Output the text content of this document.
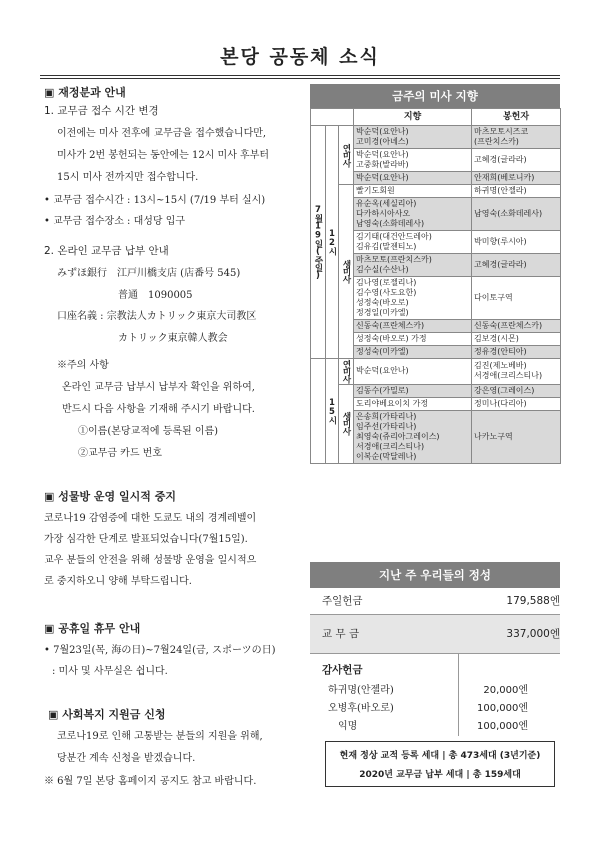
본당 공동체 소식
▣ 재정분과 안내
1. 교무금 접수 시간 변경
이전에는 미사 전후에 교무금을 접수했습니다만,
미사가 2번 봉헌되는 동안에는 12시 미사 후부터
15시 미사 전까지만 접수합니다.
• 교무금 접수시간 : 13시~15시 (7/19 부터 실시)
• 교무금 접수장소 : 대성당 입구
2. 온라인 교무금 납부 안내
みずほ銀行　江戸川橋支店 (店番号 545)
普通　1090005
口座名義 : 宗教法人カトリック東京大司教区
カトリック東京韓人教会
※주의 사항
온라인 교무금 납부시 납부자 확인을 위하여,
반드시 다음 사항을 기재해 주시기 바랍니다.
①이름(본당교적에 등록된 이름)
②교무금 카드 번호
▣ 성물방 운영 일시적 중지
코로나19 감염증에 대한 도쿄도 내의 경계레벨이
가장 심각한 단계로 발표되었습니다(7월15일).
교우 분들의 안전을 위해 성물방 운영을 일시적으
로 중지하오니 양해 부탁드립니다.
▣ 공휴일 휴무 안내
• 7월23일(목, 海の日)~7월24일(금, スポーツの日)
: 미사 및 사무실은 쉽니다.
▣ 사회복지 지원금 신청
코로나19로 인해 고통받는 분들의 지원을 위해,
당분간 계속 신청을 받겠습니다.
※ 6월 7일 본당 홈페이지 공지도 참고 바랍니다.
금주의 미사 지향
			지향	봉헌자
7월19일(주일)	12시	연미사	박순덕(요안나)
고미경(아녜스)	마츠모토시즈코
(프란치스카)
			박순덕(요안나)
고중화(발라바)	고혜경(글라라)
			박순덕(요안나)	안재희(베로니카)
		생미사	빨기도회원	하귀명(안젤라)
			유순옥(세실리아)
다카하시아사오
남영숙(소화데레사)	남영숙(소화데레사)
			김기태(대건안드레아)
김유김(말젠티노)	박미향(루시아)
			마츠모토(프란치스카)
김수실(수산나)	고혜경(글라라)
			김나영(로젤리나)
김수영(사도요한)
성정숙(바오로)
정경일(미카엘)	다이토구역
			신동숙(프란체스카)	신동숙(프란체스카)
			성정숙(바오로) 가정	김보경(시몬)
			정성숙(미카엘)	정유경(안티아)
	15시	연미사	박순덕(요안나)	김진(제노베바)
서경애(크리스티나)
		생미사	김동수(가밀로)	강은영(그레이스)
			도리야베요이치 가정	정미나(다리아)
			은송희(가타리나)
임주선(가타리나)
최영숙(쥬리아그레이스)
서경애(크리스티나)
이복순(막달레나)	나카노구역
지난 주 우리들의 정성
주일헌금	179,588엔
교 무 금	337,000엔
감사헌금
하귀명(안젤라)	20,000엔
오병후(바오로)	100,000엔
익명	100,000엔
현재 정상 교적 등록 세대 | 총 473세대 (3년기준)
2020년 교무금 납부 세대 | 총 159세대
